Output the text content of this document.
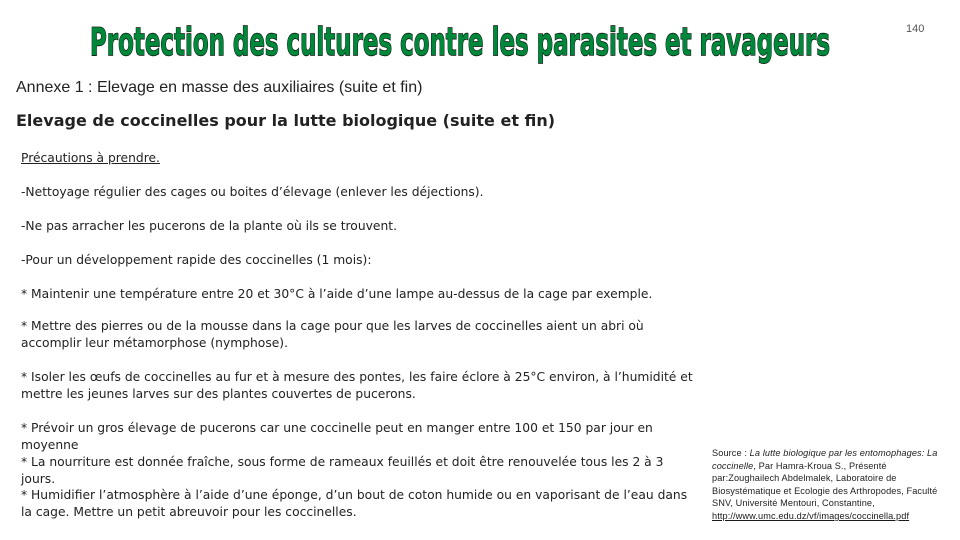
Protection des cultures contre les parasites et ravageurs	140
Annexe 1 : Elevage en masse des auxiliaires (suite et fin)
Elevage de coccinelles pour la lutte biologique (suite et fin)

Précautions à prendre.

-Nettoyage régulier des cages ou boites d’élevage (enlever les déjections).

-Ne pas arracher les pucerons de la plante où ils se trouvent.

-Pour un développement rapide des coccinelles (1 mois):

* Maintenir une température entre 20 et 30°C à l’aide d’une lampe au-dessus de la cage par exemple.

* Mettre des pierres ou de la mousse dans la cage pour que les larves de coccinelles aient un abri où accomplir leur métamorphose (nymphose).

* Isoler les œufs de coccinelles au fur et à mesure des pontes, les faire éclore à 25°C environ, à l’humidité et mettre les jeunes larves sur des plantes couvertes de pucerons.

* Prévoir un gros élevage de pucerons car une coccinelle peut en manger entre 100 et 150 par jour en moyenne

* La nourriture est donnée fraîche, sous forme de rameaux feuillés et doit être renouvelée tous les 2 à 3 jours.

* Humidifier l’atmosphère à l’aide d’une éponge, d’un bout de coton humide ou en vaporisant de l’eau dans la cage. Mettre un petit abreuvoir pour les coccinelles.

Source : La lutte biologique par les entomophages: La coccinelle, Par Hamra-Kroua S., Présenté par:Zoughailech Abdelmalek, Laboratoire de Biosystématique et Ecologie des Arthropodes, Faculté SNV, Université Mentouri, Constantine, http://www.umc.edu.dz/vf/images/coccinella.pdf
